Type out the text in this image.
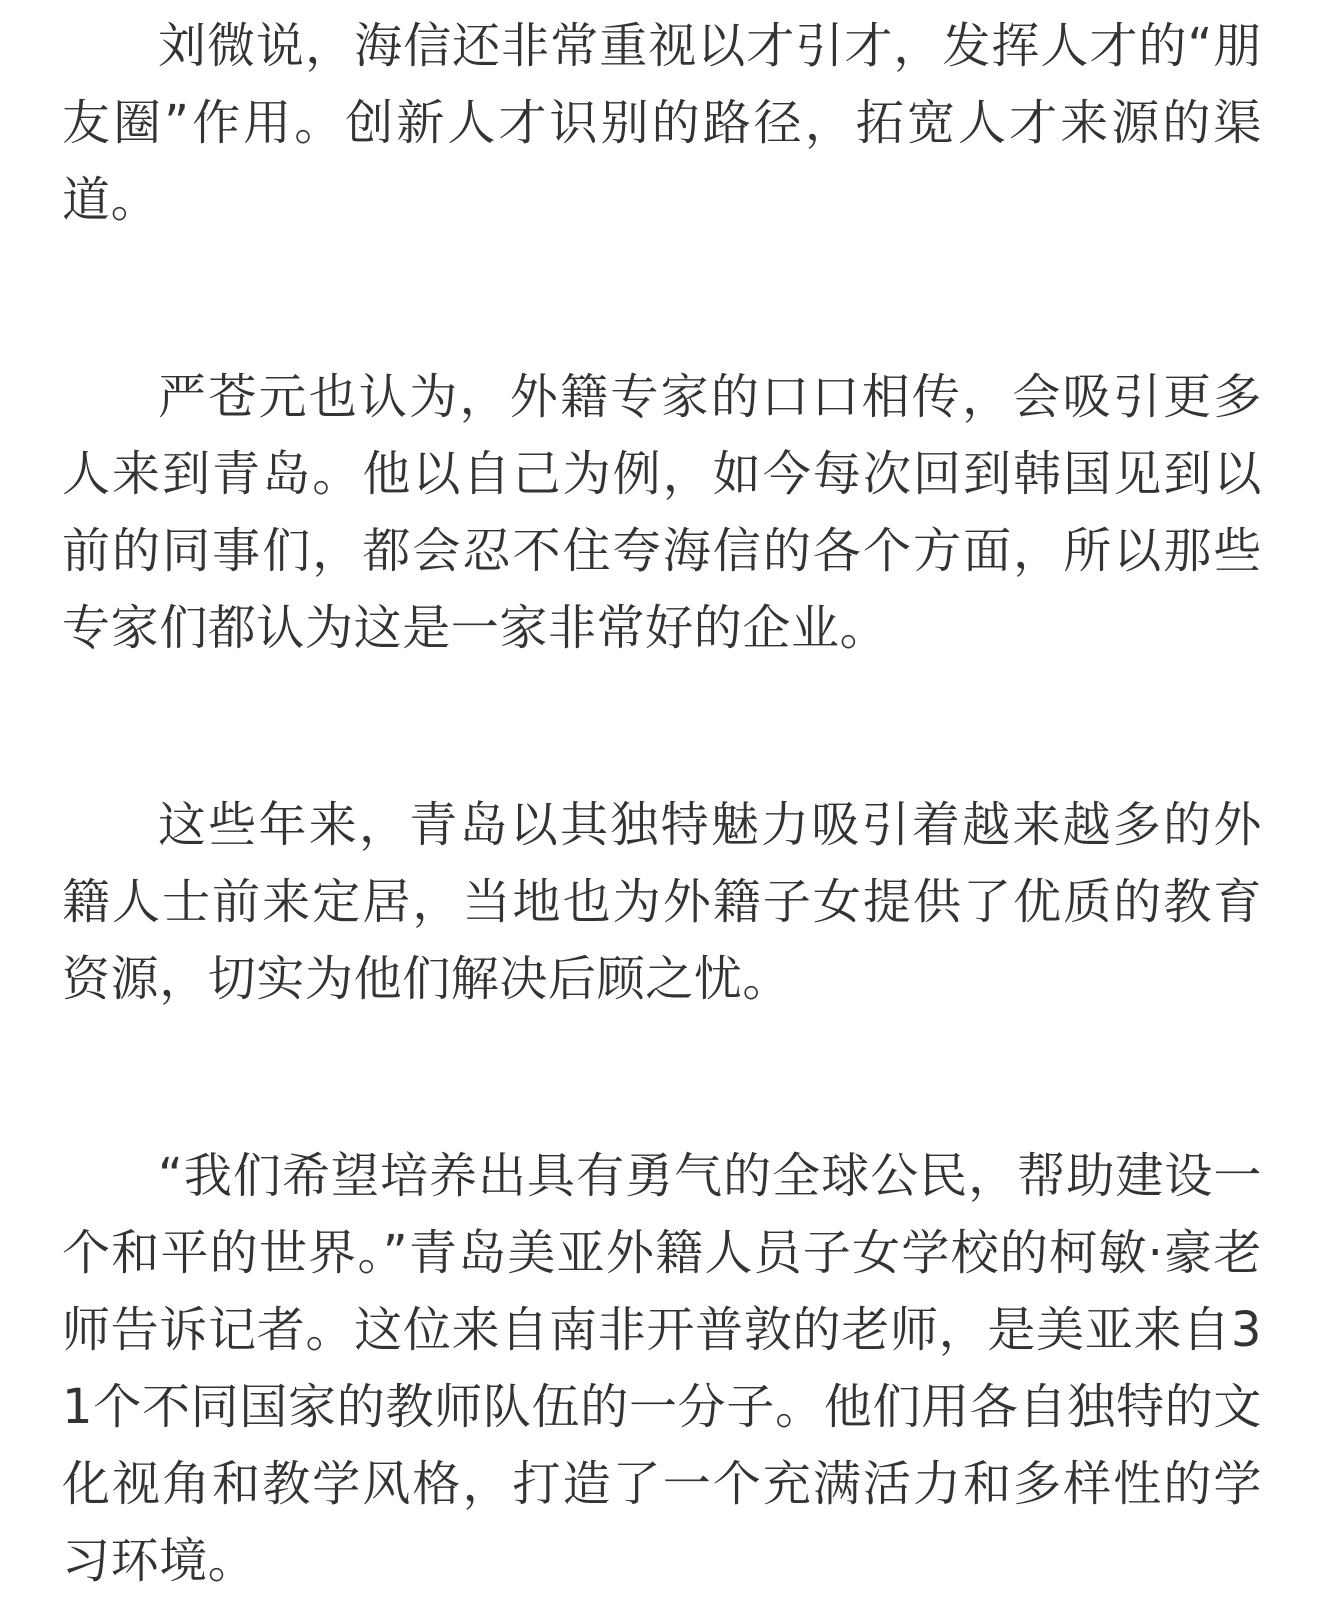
刘微说，海信还非常重视以才引才，发挥人才的“朋友圈”作用。创新人才识别的路径，拓宽人才来源的渠道。

严苍元也认为，外籍专家的口口相传，会吸引更多人来到青岛。他以自己为例，如今每次回到韩国见到以前的同事们，都会忍不住夸海信的各个方面，所以那些专家们都认为这是一家非常好的企业。

这些年来，青岛以其独特魅力吸引着越来越多的外籍人士前来定居，当地也为外籍子女提供了优质的教育资源，切实为他们解决后顾之忧。

“我们希望培养出具有勇气的全球公民，帮助建设一个和平的世界。”青岛美亚外籍人员子女学校的柯敏·豪老师告诉记者。这位来自南非开普敦的老师，是美亚来自31个不同国家的教师队伍的一分子。他们用各自独特的文化视角和教学风格，打造了一个充满活力和多样性的学习环境。
